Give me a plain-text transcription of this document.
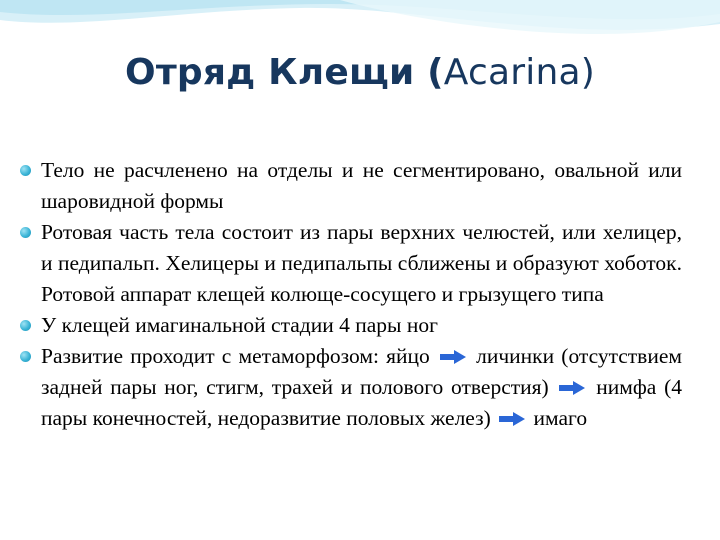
Отряд Клещи (Acarina)
Тело не расчленено на отделы и не сегментировано, овальной или шаровидной формы
Ротовая часть тела состоит из пары верхних челюстей, или хелицер, и педипальп. Хелицеры и педипальпы сближены и образуют хоботок. Ротовой аппарат клещей колюще-сосущего и грызущего типа
У клещей имагинальной стадии 4 пары ног
Развитие проходит с метаморфозом: яйцо личинки (отсутствием задней пары ног, стигм, трахей и полового отверстия) нимфа (4 пары конечностей, недоразвитие половых желез) имаго
